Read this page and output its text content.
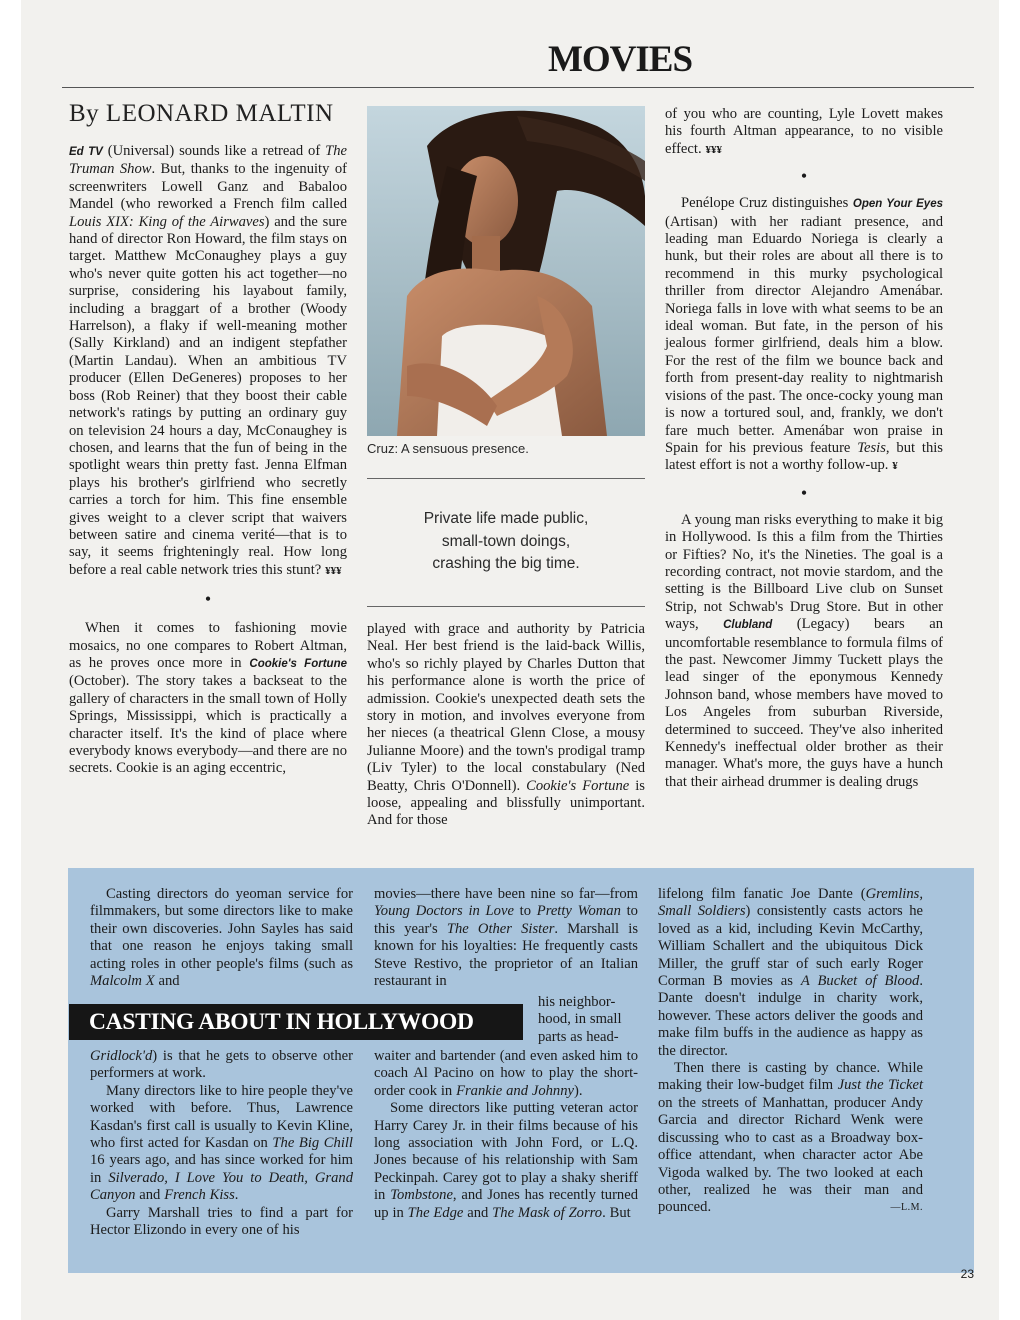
MOVIES
By LEONARD MALTIN

Ed TV (Universal) sounds like a retread of The Truman Show. But, thanks to the ingenuity of screenwriters Lowell Ganz and Babaloo Mandel (who reworked a French film called Louis XIX: King of the Airwaves) and the sure hand of director Ron Howard, the film stays on target. Matthew McConaughey plays a guy who's never quite gotten his act together—no surprise, considering his layabout family, including a braggart of a brother (Woody Harrelson), a flaky if well-meaning mother (Sally Kirkland) and an indigent stepfather (Martin Landau). When an ambitious TV producer (Ellen DeGeneres) proposes to her boss (Rob Reiner) that they boost their cable network's ratings by putting an ordinary guy on television 24 hours a day, McConaughey is chosen, and learns that the fun of being in the spotlight wears thin pretty fast. Jenna Elfman plays his brother's girlfriend who secretly carries a torch for him. This fine ensemble gives weight to a clever script that waivers between satire and cinema verité—that is to say, it seems frighteningly real. How long before a real cable network tries this stunt? ¥¥¥

•

When it comes to fashioning movie mosaics, no one compares to Robert Altman, as he proves once more in Cookie's Fortune (October). The story takes a backseat to the gallery of characters in the small town of Holly Springs, Mississippi, which is practically a character itself. It's the kind of place where everybody knows everybody—and there are no secrets. Cookie is an aging eccentric,

Cruz: A sensuous presence.
Private life made public,
small-town doings,
crashing the big time.

played with grace and authority by Patricia Neal. Her best friend is the laid-back Willis, who's so richly played by Charles Dutton that his performance alone is worth the price of admission. Cookie's unexpected death sets the story in motion, and involves everyone from her nieces (a theatrical Glenn Close, a mousy Julianne Moore) and the town's prodigal tramp (Liv Tyler) to the local constabulary (Ned Beatty, Chris O'Donnell). Cookie's Fortune is loose, appealing and blissfully unimportant. And for those

of you who are counting, Lyle Lovett makes his fourth Altman appearance, to no visible effect. ¥¥¥

•

Penélope Cruz distinguishes Open Your Eyes (Artisan) with her radiant presence, and leading man Eduardo Noriega is clearly a hunk, but their roles are about all there is to recommend in this murky psychological thriller from director Alejandro Amenábar. Noriega falls in love with what seems to be an ideal woman. But fate, in the person of his jealous former girlfriend, deals him a blow. For the rest of the film we bounce back and forth from present-day reality to nightmarish visions of the past. The once-cocky young man is now a tortured soul, and, frankly, we don't fare much better. Amenábar won praise in Spain for his previous feature Tesis, but this latest effort is not a worthy follow-up. ¥

•

A young man risks everything to make it big in Hollywood. Is this a film from the Thirties or Fifties? No, it's the Nineties. The goal is a recording contract, not movie stardom, and the setting is the Billboard Live club on Sunset Strip, not Schwab's Drug Store. But in other ways, Clubland (Legacy) bears an uncomfortable resemblance to formula films of the past. Newcomer Jimmy Tuckett plays the lead singer of the eponymous Kennedy Johnson band, whose members have moved to Los Angeles from suburban Riverside, determined to succeed. They've also inherited Kennedy's ineffectual older brother as their manager. What's more, the guys have a hunch that their airhead drummer is dealing drugs

Casting directors do yeoman service for filmmakers, but some directors like to make their own discoveries. John Sayles has said that one reason he enjoys taking small acting roles in other people's films (such as Malcolm X and

CASTING ABOUT IN HOLLYWOOD

Gridlock'd) is that he gets to observe other performers at work.

Many directors like to hire people they've worked with before. Thus, Lawrence Kasdan's first call is usually to Kevin Kline, who first acted for Kasdan on The Big Chill 16 years ago, and has since worked for him in Silverado, I Love You to Death, Grand Canyon and French Kiss.

Garry Marshall tries to find a part for Hector Elizondo in every one of his

movies—there have been nine so far—from Young Doctors in Love to Pretty Woman to this year's The Other Sister. Marshall is known for his loyalties: He frequently casts Steve Restivo, the proprietor of an Italian restaurant in

his neighbor-
hood, in small
parts as head-

waiter and bartender (and even asked him to coach Al Pacino on how to play the short-order cook in Frankie and Johnny).

Some directors like putting veteran actor Harry Carey Jr. in their films because of his long association with John Ford, or L.Q. Jones because of his relationship with Sam Peckinpah. Carey got to play a shaky sheriff in Tombstone, and Jones has recently turned up in The Edge and The Mask of Zorro. But

lifelong film fanatic Joe Dante (Gremlins, Small Soldiers) consistently casts actors he loved as a kid, including Kevin McCarthy, William Schallert and the ubiquitous Dick Miller, the gruff star of such early Roger Corman B movies as A Bucket of Blood. Dante doesn't indulge in charity work, however. These actors deliver the goods and make film buffs in the audience as happy as the director.

Then there is casting by chance. While making their low-budget film Just the Ticket on the streets of Manhattan, producer Andy Garcia and director Richard Wenk were discussing who to cast as a Broadway box-office attendant, when character actor Abe Vigoda walked by. The two looked at each other, realized he was their man and pounced.	—L.M.

23
